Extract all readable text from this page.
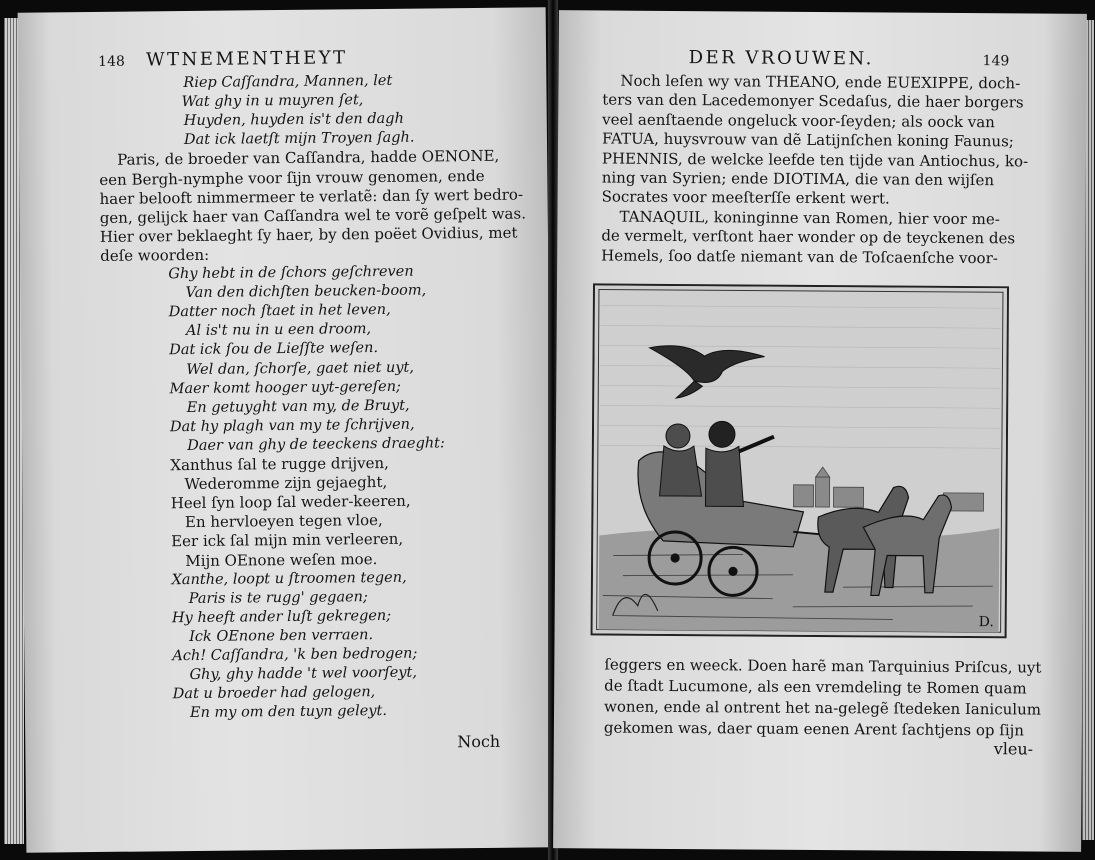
148 WTNEMENTHEYT
Riep Caſſandra, Mannen, let
Wat ghy in u muyren ſet,
Huyden, huyden is't den dagh
Dat ick laetſt mijn Troyen ſagh.
Paris, de broeder van Caſſandra, hadde OENONE,
een Bergh-nymphe voor ſijn vrouw genomen, ende
haer belooft nimmermeer te verlatẽ: dan ſy wert bedro-
gen, gelijck haer van Caſſandra wel te vorẽ geſpelt was.
Hier over beklaeght ſy haer, by den poëet Ovidius, met
deſe woorden:
Ghy hebt in de ſchors geſchreven
Van den dichſten beucken-boom,
Datter noch ſtaet in het leven,
Al is't nu in u een droom,
Dat ick ſou de Lieſſte weſen.
Wel dan, ſchorſe, gaet niet uyt,
Maer komt hooger uyt-gereſen;
En getuyght van my, de Bruyt,
Dat hy plagh van my te ſchrijven,
Daer van ghy de teeckens draeght:
Xanthus ſal te rugge drijven,
Wederomme zijn gejaeght,
Heel ſyn loop ſal weder-keeren,
En hervloeyen tegen vloe,
Eer ick ſal mijn min verleeren,
Mijn OEnone weſen moe.
Xanthe, loopt u ſtroomen tegen,
Paris is te rugg' gegaen;
Hy heeft ander luſt gekregen;
Ick OEnone ben verraen.
Ach! Caſſandra, 'k ben bedrogen;
Ghy, ghy hadde 't wel voorſeyt,
Dat u broeder had gelogen,
En my om den tuyn geleyt.
Noch
DER VROUWEN.	149
Noch leſen wy van THEANO, ende EUEXIPPE, doch-
ters van den Lacedemonyer Scedaſus, die haer borgers
veel aenſtaende ongeluck voor-ſeyden; als oock van
FATUA, huysvrouw van dẽ Latijnſchen koning Faunus;
PHENNIS, de welcke leefde ten tijde van Antiochus, ko-
ning van Syrien; ende DIOTIMA, die van den wijſen
Socrates voor meeſterſſe erkent wert.
TANAQUIL, koninginne van Romen, hier voor me-
de vermelt, verſtont haer wonder op de teyckenen des
Hemels, ſoo datſe niemant van de Toſcaenſche voor-
D.
ſeggers en weeck. Doen harẽ man Tarquinius Priſcus, uyt
de ſtadt Lucumone, als een vremdeling te Romen quam
wonen, ende al ontrent het na-gelegẽ ſtedeken Ianiculum
gekomen was, daer quam eenen Arent ſachtjens op ſijn
vleu-
